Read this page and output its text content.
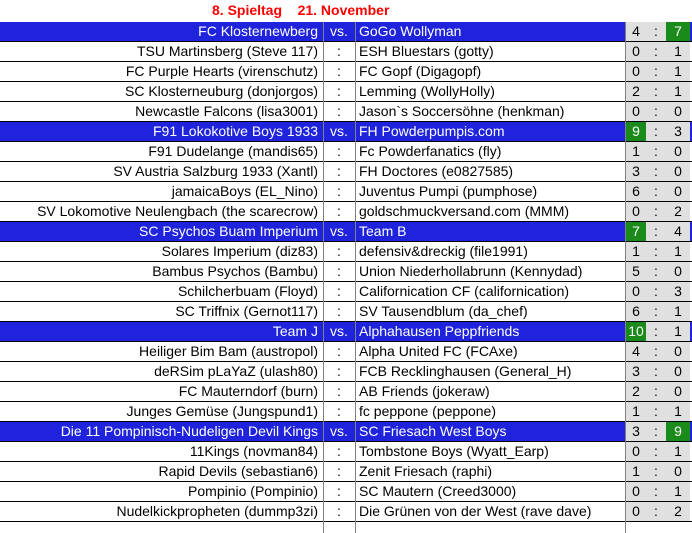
8. Spieltag    21. November
FC Klosternewberg vs. GoGo Wollyman	4	:	7
TSU Martinsberg (Steve 117)	:	ESH Bluestars (gotty)	0	:	1
FC Purple Hearts (virenschutz)	:	FC Gopf (Digagopf)	0	:	1
SC Klosterneuburg (donjorgos)	:	Lemming (WollyHolly)	2	:	1
Newcastle Falcons (lisa3001)	:	Jason`s Soccersöhne (henkman)	0	:	0
F91 Lokokotive Boys 1933 vs. FH Powderpumpis.com	9	:	3
F91 Dudelange (mandis65)	:	Fc Powderfanatics (fly)	1	:	0
SV Austria Salzburg 1933 (Xantl)	:	FH Doctores (e0827585)	3	:	0
jamaicaBoys (EL_Nino)	:	Juventus Pumpi (pumphose)	6	:	0
SV Lokomotive Neulengbach (the scarecrow)	:	goldschmuckversand.com (MMM)	0	:	2
SC Psychos Buam Imperium vs. Team B	7	:	4
Solares Imperium (diz83)	:	defensiv&dreckig (file1991)	1	:	1
Bambus Psychos (Bambu)	:	Union Niederhollabrunn (Kennydad)	5	:	0
Schilcherbuam (Floyd)	:	Californication CF (californication)	0	:	3
SC Triffnix (Gernot117)	:	SV Tausendblum (da_chef)	6	:	1
Team J vs. Alphahausen Peppfriends	10 :	1
Heiliger Bim Bam (austropol)	:	Alpha United FC (FCAxe)	4	:	0
deRSim pLaYaZ (ulash80)	:	FCB Recklinghausen (General_H)	3	:	0
FC Mauterndorf (burn)	:	AB Friends (jokeraw)	2	:	0
Junges Gemüse (Jungspund1)	:	fc peppone (peppone)	1	:	1
Die 11 Pompinisch-Nudeligen Devil Kings vs. SC Friesach West Boys	3	:	9
11Kings (novman84)	:	Tombstone Boys (Wyatt_Earp)	0	:	1
Rapid Devils (sebastian6)	:	Zenit Friesach (raphi)	1	:	0
Pompinio (Pompinio)	:	SC Mautern (Creed3000)	0	:	1
Nudelkickpropheten (dummp3zi)	:	Die Grünen von der West (rave dave)	0	:	2
